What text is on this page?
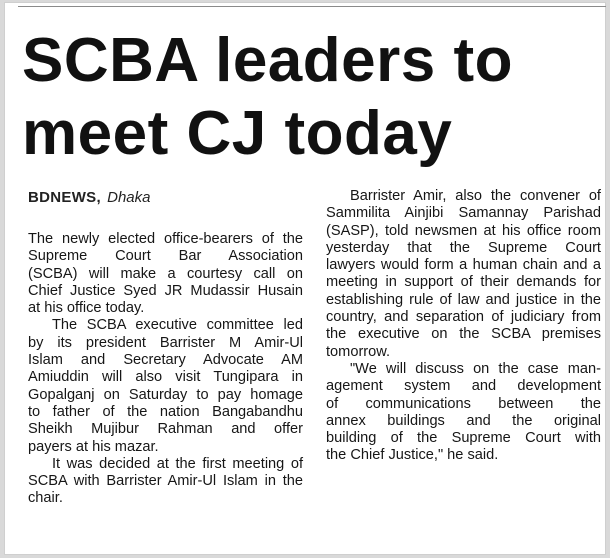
SCBA leaders to
meet CJ today
BDNEWS, Dhaka
The newly elected office-bearers of the
Supreme Court Bar Association
(SCBA) will make a courtesy call on
Chief Justice Syed JR Mudassir Husain
at his office today.
The SCBA executive committee led
by its president Barrister M Amir-Ul
Islam and Secretary Advocate AM
Amiuddin will also visit Tungipara in
Gopalganj on Saturday to pay homage
to father of the nation Bangabandhu
Sheikh Mujibur Rahman and offer
payers at his mazar.
It was decided at the first meeting of
SCBA with Barrister Amir-Ul Islam in the
chair.
Barrister Amir, also the convener of
Sammilita Ainjibi Samannay Parishad
(SASP), told newsmen at his office room
yesterday that the Supreme Court
lawyers would form a human chain and a
meeting in support of their demands for
establishing rule of law and justice in the
country, and separation of judiciary from
the executive on the SCBA premises
tomorrow.
"We will discuss on the case man-
agement system and development
of communications between the
annex buildings and the original
building of the Supreme Court with
the Chief Justice," he said.
